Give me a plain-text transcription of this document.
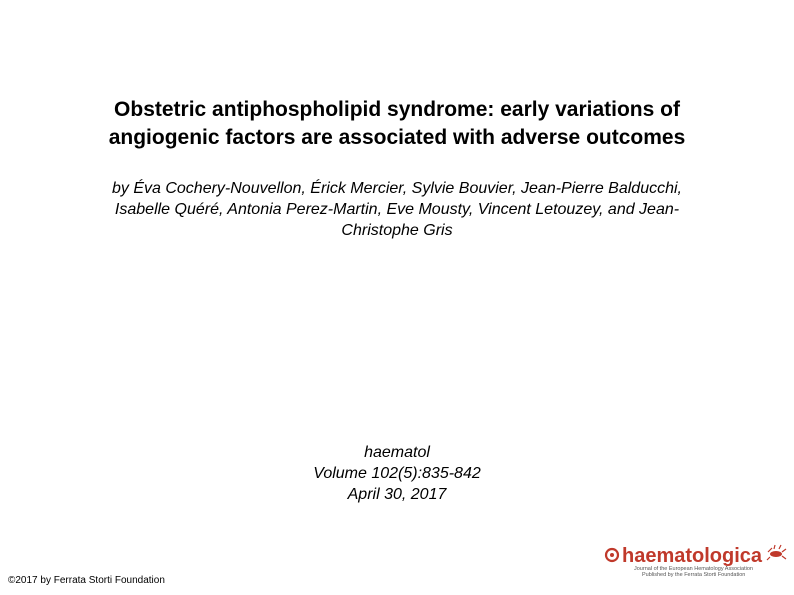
Obstetric antiphospholipid syndrome: early variations of
angiogenic factors are associated with adverse outcomes
by Éva Cochery-Nouvellon, Érick Mercier, Sylvie Bouvier, Jean-Pierre Balducchi,
Isabelle Quéré, Antonia Perez-Martin, Eve Mousty, Vincent Letouzey, and Jean-
Christophe Gris
haematol
Volume 102(5):835-842
April 30, 2017
©2017 by Ferrata Storti Foundation
haematologica
Journal of the European Hematology Association
Published by the Ferrata Storti Foundation
